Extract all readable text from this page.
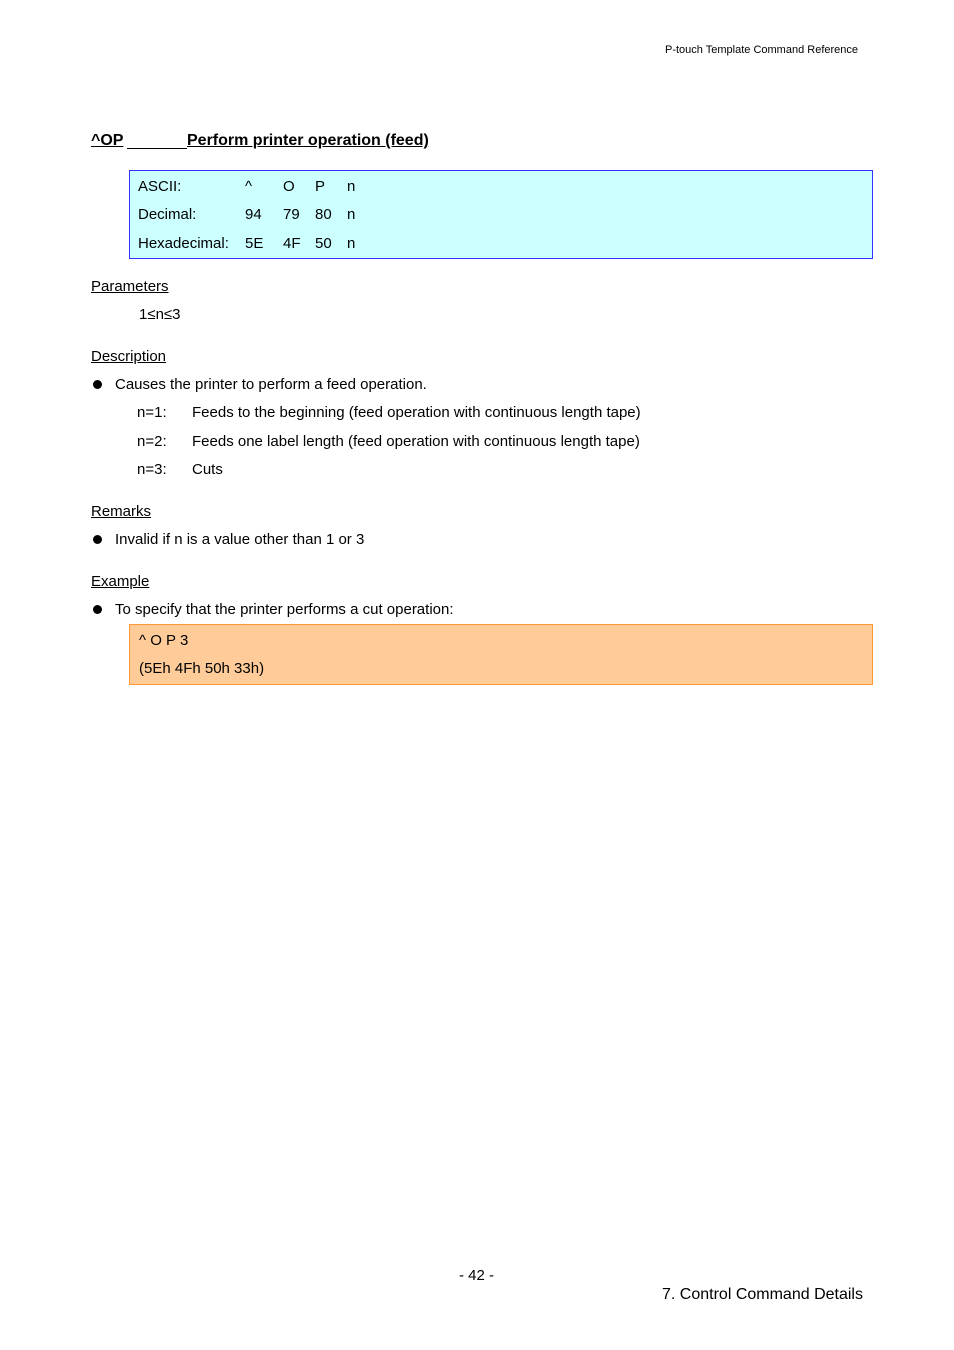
P-touch Template Command Reference
^OP	Perform printer operation (feed)
ASCII:	^	O	P	n
Decimal:	94	79	80	n
Hexadecimal:	5E	4F	50	n
Parameters
1≤n≤3
Description
Causes the printer to perform a feed operation.
n=1: Feeds to the beginning (feed operation with continuous length tape)
n=2: Feeds one label length (feed operation with continuous length tape)
n=3: Cuts
Remarks
Invalid if n is a value other than 1 or 3
Example
To specify that the printer performs a cut operation:
^ O P 3
(5Eh 4Fh 50h 33h)
- 42 -
7. Control Command Details
